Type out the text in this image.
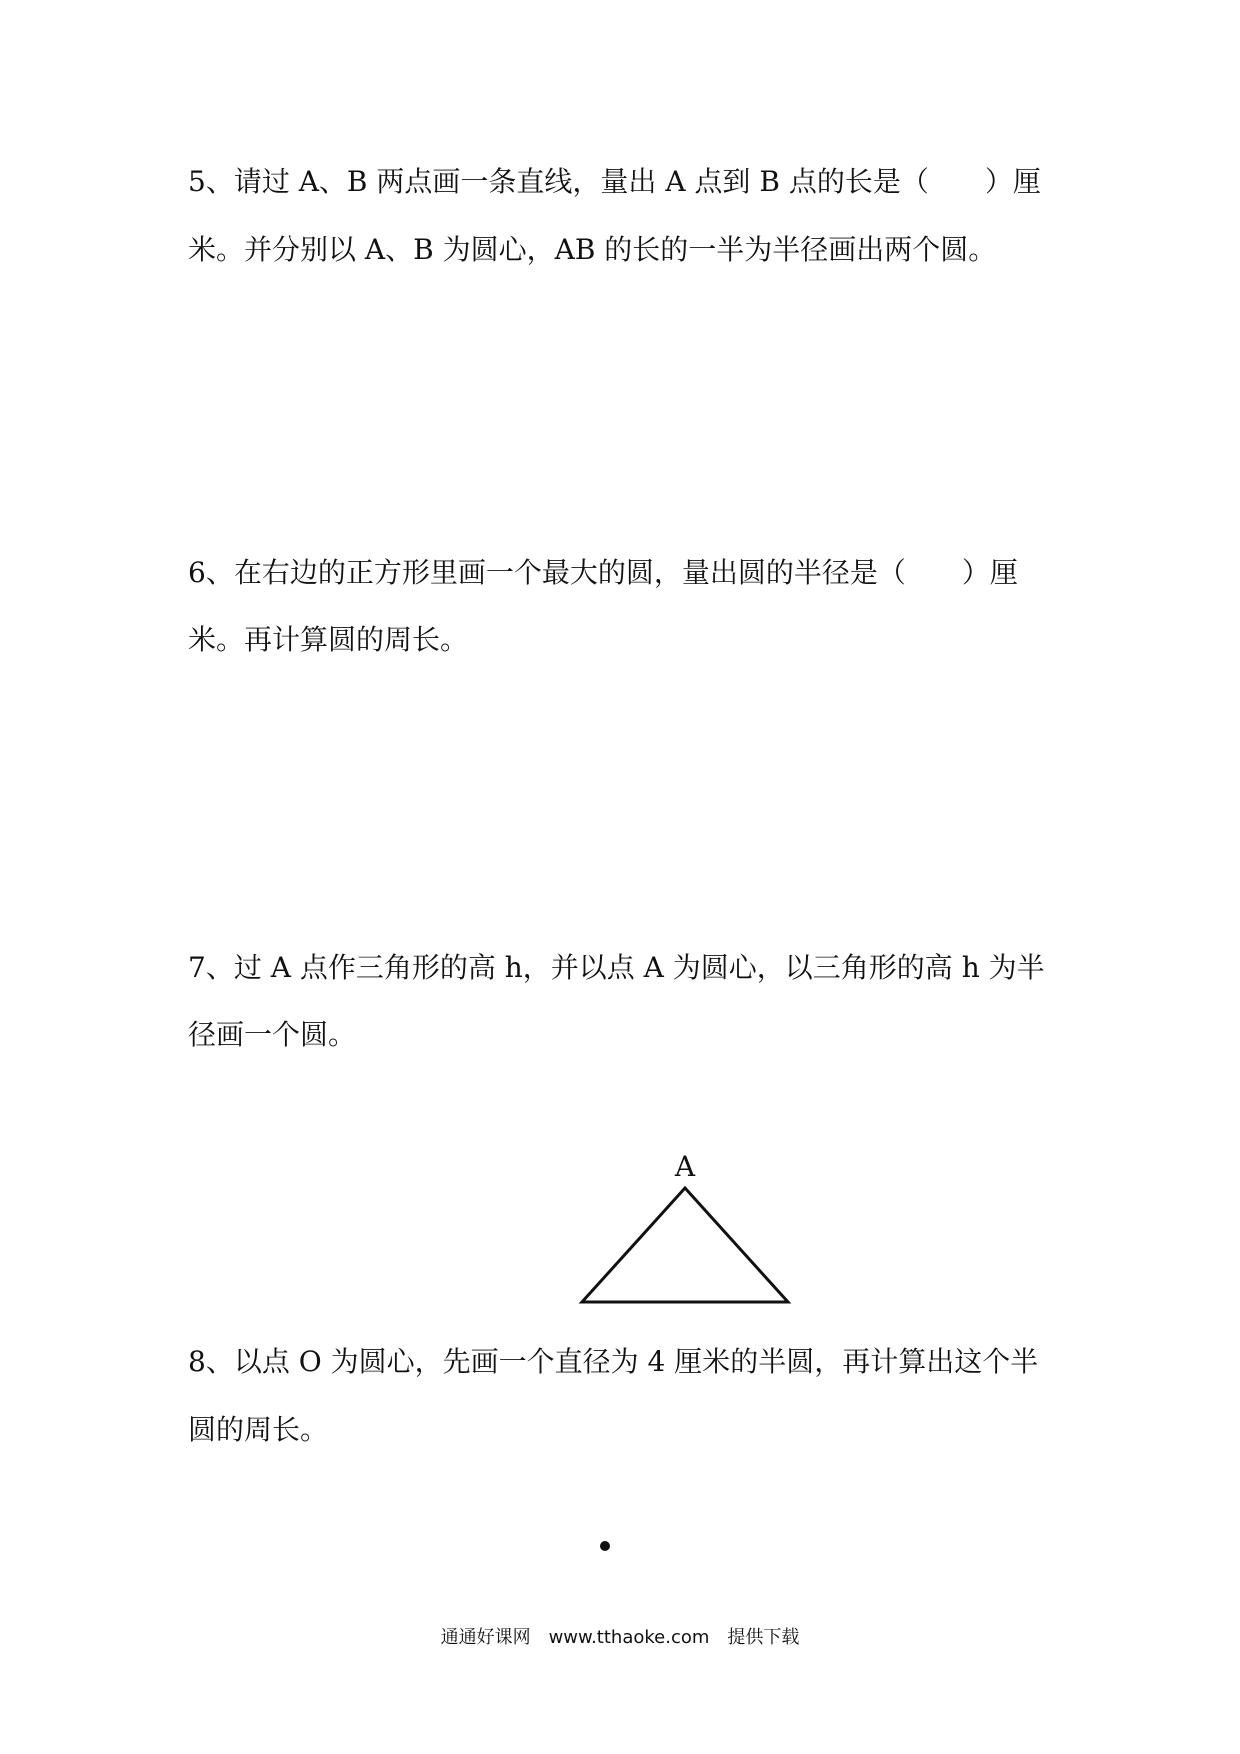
5、请过 A、B 两点画一条直线，量出 A 点到 B 点的长是（　　）厘
米。并分别以 A、B 为圆心，AB 的长的一半为半径画出两个圆。
6、在右边的正方形里画一个最大的圆，量出圆的半径是（　　）厘
米。再计算圆的周长。
7、过 A 点作三角形的高 h，并以点 A 为圆心，以三角形的高 h 为半
径画一个圆。
A
8、以点 O 为圆心，先画一个直径为 4 厘米的半圆，再计算出这个半
圆的周长。
通通好课网　www.tthaoke.com　提供下载
